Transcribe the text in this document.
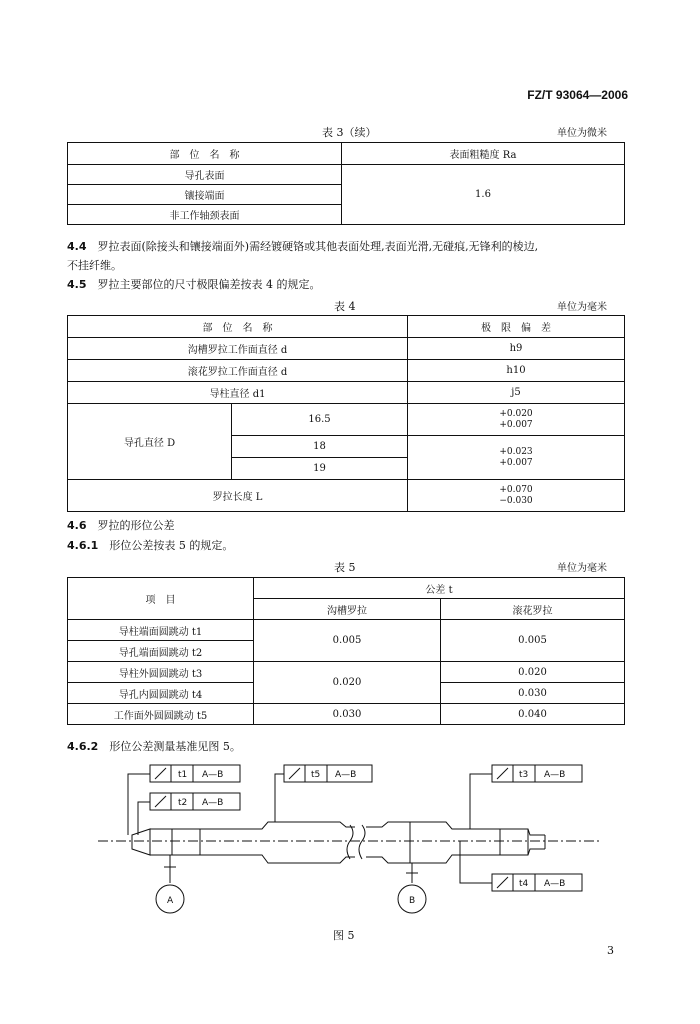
FZ/T 93064—2006
表 3（续）	单位为微米
部　位　名　称	表面粗糙度 Ra
导孔表面	1.6
镶接端面	
非工作轴颈表面	
4.4　 罗拉表面(除接头和镶接端面外)需经镀硬铬或其他表面处理,表面光滑,无碰痕,无锋利的棱边,
不挂纤维。
4.5　 罗拉主要部位的尺寸极限偏差按表 4 的规定。
表 4	单位为毫米
部　位　名　称		极　限　偏　差
沟槽罗拉工作面直径 d		h9
滚花罗拉工作面直径 d		h10
导柱直径 d1		j5
导孔直径 D	16.5	+0.020
+0.007

	18	+0.023
+0.007

	19	
罗拉长度 L		+0.070
−0.030
4.6　 罗拉的形位公差
4.6.1　 形位公差按表 5 的规定。
表 5	单位为毫米
项　目	公差 t	
	沟槽罗拉	滚花罗拉
导柱端面圆跳动 t1	0.005	0.005
导孔端面圆跳动 t2		
导柱外圆圆跳动 t3	0.020	0.020
导孔内圆圆跳动 t4		0.030
工作面外圆圆跳动 t5	0.030	0.040
4.6.2　 形位公差测量基准见图 5。
t1 A—B
t2 A—B
t5 A—B	t3 A—B
t4 A—B
A	B
图 5
3
